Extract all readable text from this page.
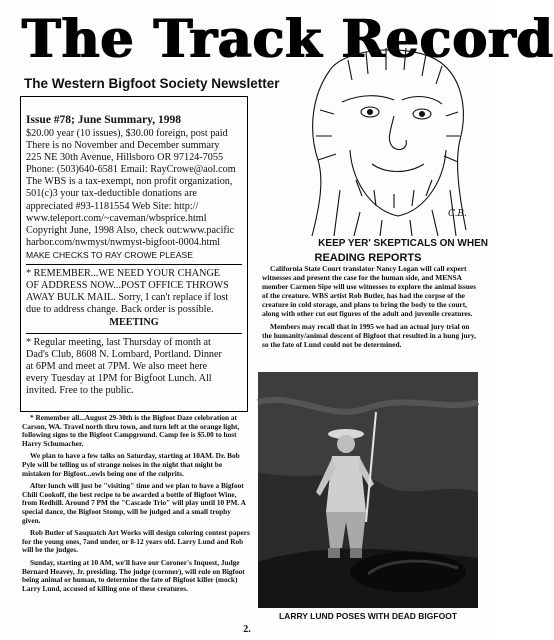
The Track Record
The Western Bigfoot Society Newsletter
Issue #78; June Summary, 1998
$20.00 year (10 issues), $30.00 foreign, post paid
There is no November and December summary
225 NE 30th Avenue, Hillsboro OR 97124-7055
Phone: (503)640-6581 Email: RayCrowe@aol.com
The WBS is a tax-exempt, non profit organization,
501(c)3 your tax-deductible donations are
appreciated #93-1181554 Web Site: http://
www.teleport.com/~caveman/wbsprice.html
Copyright June, 1998 Also, check out:www.pacific
harbor.com/nwmyst/nwmyst-bigfoot-0004.html
MAKE CHECKS TO RAY CROWE PLEASE
* REMEMBER...WE NEED YOUR CHANGE
OF ADDRESS NOW...POST OFFICE THROWS
AWAY BULK MAIL. Sorry, I can't replace if lost
due to address change. Back order is possible.
MEETING
* Regular meeting, last Thursday of month at
Dad's Club, 8608 N. Lombard, Portland. Dinner
at 6PM and meet at 7PM. We also meet here
every Tuesday at 1PM for Bigfoot Lunch. All
invited. Free to the public.

* Remember all...August 29-30th is the Bigfoot Daze celebration at Carson, WA. Travel north thru town, and turn left at the orange light, following signs to the Bigfoot Campground. Camp fee is $5.00 to host Harry Schumacher.

We plan to have a few talks on Saturday, starting at 10AM. Dr. Bob Pyle will be telling us of strange noises in the night that might be mistaken for Bigfoot...owls being one of the culprits.

After lunch will just be "visiting" time and we plan to have a Bigfoot Chili Cookoff, the best recipe to be awarded a bottle of Bigfoot Wine, from Redhill. Around 7 PM the "Cascade Trio" will play until 10 PM. A special dance, the Bigfoot Stomp, will be judged and a small trophy given.

Rob Butler of Sasquatch Art Works will design coloring contest papers for the young ones, 7and under, or 8-12 years old. Larry Lund and Rob will be the judges.

Sunday, starting at 10 AM, we'll have our Coroner's Inquest, Judge Bernard Heavey, Jr. presiding. The judge (coroner), will rule on Bigfoot being animal or human, to determine the fate of Bigfoot killer (mock) Larry Lund, accused of killing one of these creatures.

C.B.
KEEP YER' SKEPTICALS ON WHEN
READING REPORTS

California State Court translator Nancy Logan will call expert witnesses and present the case for the human side, and MENSA member Carmen Sipe will use witnesses to explore the animal issues of the creature. WBS artist Rob Butler, has had the corpse of the creature in cold storage, and plans to bring the body to the court, along with other cut out figures of the adult and juvenile creatures.

Members may recall that in 1995 we had an actual jury trial on the humanity/animal descent of Bigfoot that resulted in a hung jury, so the fate of Lund could not be determined.

LARRY LUND POSES WITH DEAD BIGFOOT
2.
